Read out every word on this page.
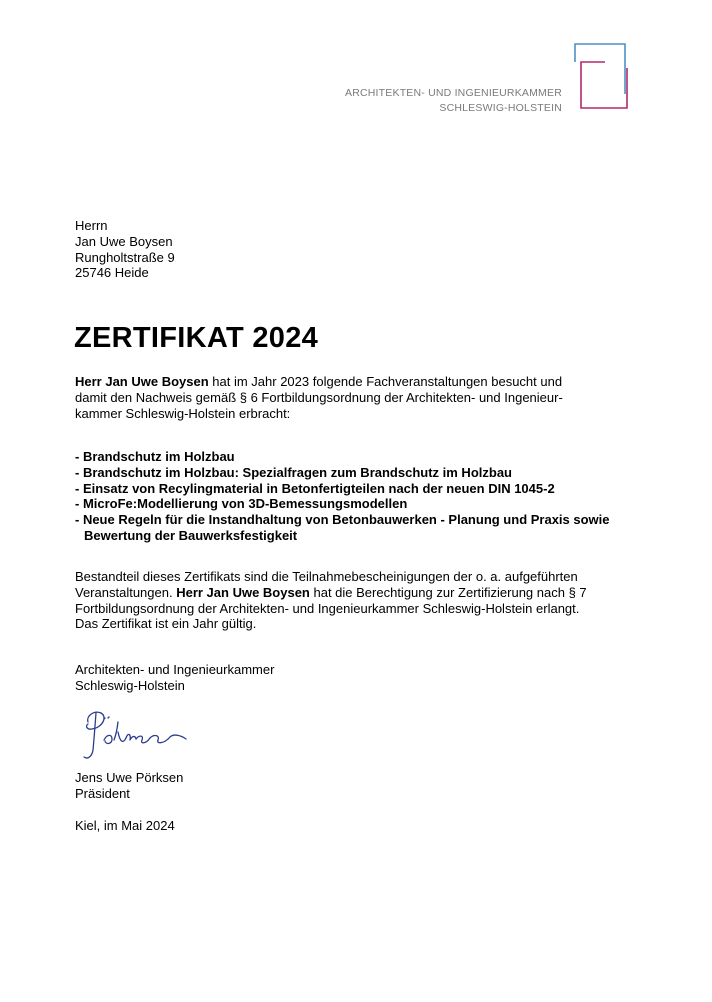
ARCHITEKTEN- UND INGENIEURKAMMER
SCHLESWIG-HOLSTEIN
Herrn
Jan Uwe Boysen
Rungholtstraße 9
25746 Heide
ZERTIFIKAT 2024

Herr Jan Uwe Boysen hat im Jahr 2023 folgende Fachveranstaltungen besucht und damit den Nachweis gemäß § 6 Fortbildungsordnung der Architekten- und Ingenieur-kammer Schleswig-Holstein erbracht:

- Brandschutz im Holzbau
- Brandschutz im Holzbau: Spezialfragen zum Brandschutz im Holzbau
- Einsatz von Recylingmaterial in Betonfertigteilen nach der neuen DIN 1045-2
- MicroFe:Modellierung von 3D-Bemessungsmodellen
- Neue Regeln für die Instandhaltung von Betonbauwerken - Planung und Praxis sowie Bewertung der Bauwerksfestigkeit

Bestandteil dieses Zertifikats sind die Teilnahmebescheinigungen der o. a. aufgeführten Veranstaltungen. Herr Jan Uwe Boysen hat die Berechtigung zur Zertifizierung nach § 7 Fortbildungsordnung der Architekten- und Ingenieurkammer Schleswig-Holstein erlangt. Das Zertifikat ist ein Jahr gültig.

Architekten- und Ingenieurkammer
Schleswig-Holstein
Pörksen
Jens Uwe Pörksen
Präsident
Kiel, im Mai 2024
